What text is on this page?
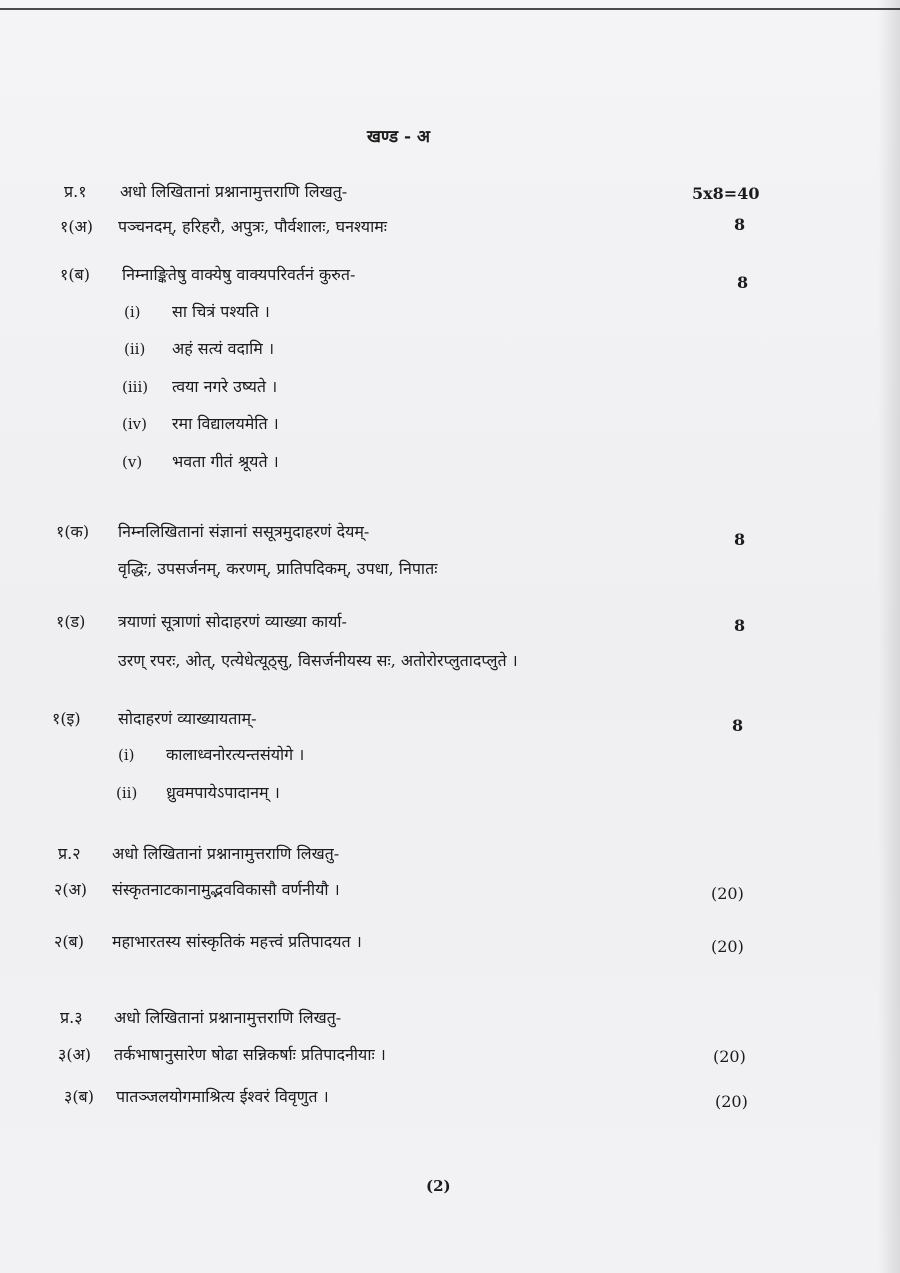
खण्ड - अ
प्र.१ अधो लिखितानां प्रश्नानामुत्तराणि लिखतु-	5x8=40
१(अ) पञ्चनदम्, हरिहरौ, अपुत्रः, पौर्वशालः, घनश्यामः	8
१(ब) निम्नाङ्कितेषु वाक्येषु वाक्यपरिवर्तनं कुरुत-	8
(i) सा चित्रं पश्यति ।
(ii) अहं सत्यं वदामि ।
(iii) त्वया नगरे उष्यते ।
(iv) रमा विद्यालयमेति ।
(v) भवता गीतं श्रूयते ।
१(क) निम्नलिखितानां संज्ञानां ससूत्रमुदाहरणं देयम्-	8
वृद्धिः, उपसर्जनम्, करणम्, प्रातिपदिकम्, उपधा, निपातः
१(ड) त्रयाणां सूत्राणां सोदाहरणं व्याख्या कार्या-	8
उरण् रपरः, ओत्, एत्येधेत्यूठ्सु, विसर्जनीयस्य सः, अतोरोरप्लुतादप्लुते ।
१(इ) सोदाहरणं व्याख्यायताम्-	8
(i) कालाध्वनोरत्यन्तसंयोगे ।
(ii) ध्रुवमपायेऽपादानम् ।
प्र.२ अधो लिखितानां प्रश्नानामुत्तराणि लिखतु-
२(अ) संस्कृतनाटकानामुद्भवविकासौ वर्णनीयौ ।	(20)
२(ब) महाभारतस्य सांस्कृतिकं महत्त्वं प्रतिपादयत ।	(20)
प्र.३ अधो लिखितानां प्रश्नानामुत्तराणि लिखतु-
३(अ) तर्कभाषानुसारेण षोढा सन्निकर्षाः प्रतिपादनीयाः ।	(20)
३(ब) पातञ्जलयोगमाश्रित्य ईश्वरं विवृणुत ।	(20)
(2)
